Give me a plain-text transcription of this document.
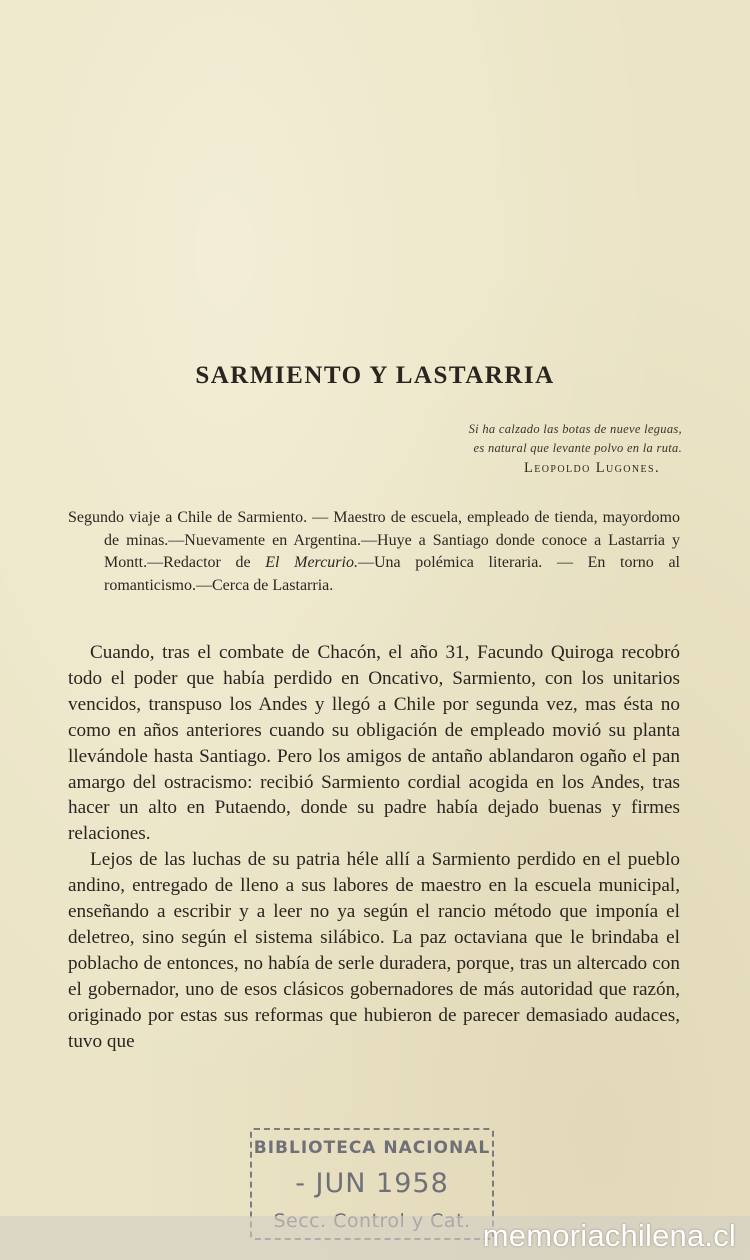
SARMIENTO Y LASTARRIA
Si ha calzado las botas de nueve leguas,
es natural que levante polvo en la ruta.
Leopoldo Lugones.
Segundo viaje a Chile de Sarmiento. — Maestro de escuela, empleado de tienda, mayordomo de minas.—Nuevamente en Argentina.—Huye a Santiago donde conoce a Lastarria y Montt.—Redactor de El Mercurio.—Una polémica literaria. — En torno al romanticismo.—Cerca de Lastarria.

Cuando, tras el combate de Chacón, el año 31, Facundo Quiroga recobró todo el poder que había perdido en Oncativo, Sarmiento, con los unitarios vencidos, transpuso los Andes y llegó a Chile por segunda vez, mas ésta no como en años anteriores cuando su obligación de empleado movió su planta llevándole hasta Santiago. Pero los amigos de antaño ablandaron ogaño el pan amargo del ostracismo: recibió Sarmiento cordial acogida en los Andes, tras hacer un alto en Putaendo, donde su padre había dejado buenas y firmes relaciones.

Lejos de las luchas de su patria héle allí a Sarmiento perdido en el pueblo andino, entregado de lleno a sus labores de maestro en la escuela municipal, enseñando a escribir y a leer no ya según el rancio método que imponía el deletreo, sino según el sistema silábico. La paz octaviana que le brindaba el poblacho de entonces, no había de serle duradera, porque, tras un altercado con el gobernador, uno de esos clásicos gobernadores de más autoridad que razón, originado por estas sus reformas que hubieron de parecer demasiado audaces, tuvo que

BIBLIOTECA NACIONAL
- JUN 1958
memoriachilena.cl
